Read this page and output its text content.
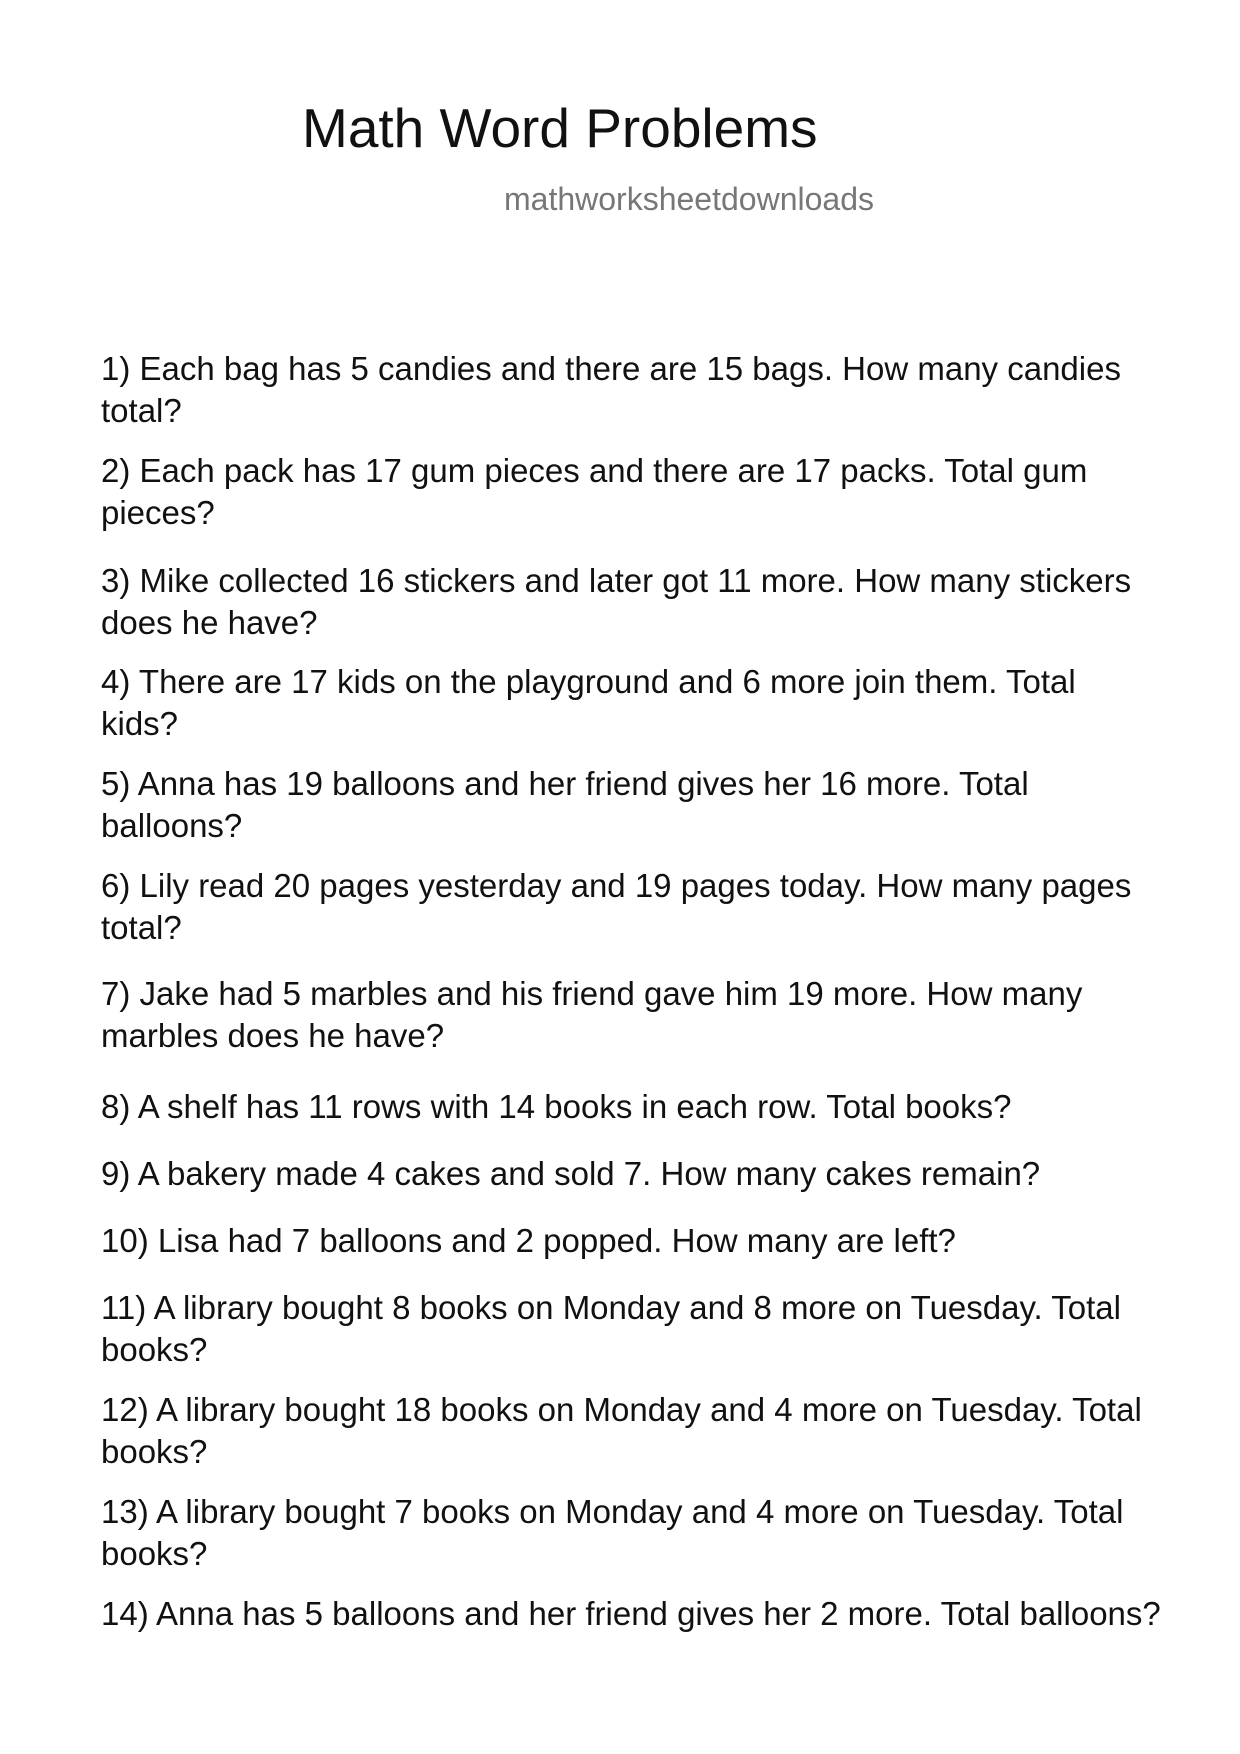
Math Word Problems
mathworksheetdownloads
1) Each bag has 5 candies and there are 15 bags. How many candies total?
2) Each pack has 17 gum pieces and there are 17 packs. Total gum pieces?
3) Mike collected 16 stickers and later got 11 more. How many stickers does he have?
4) There are 17 kids on the playground and 6 more join them. Total kids?
5) Anna has 19 balloons and her friend gives her 16 more. Total balloons?
6) Lily read 20 pages yesterday and 19 pages today. How many pages total?
7) Jake had 5 marbles and his friend gave him 19 more. How many marbles does he have?
8) A shelf has 11 rows with 14 books in each row. Total books?
9) A bakery made 4 cakes and sold 7. How many cakes remain?
10) Lisa had 7 balloons and 2 popped. How many are left?
11) A library bought 8 books on Monday and 8 more on Tuesday. Total books?
12) A library bought 18 books on Monday and 4 more on Tuesday. Total books?
13) A library bought 7 books on Monday and 4 more on Tuesday. Total books?
14) Anna has 5 balloons and her friend gives her 2 more. Total balloons?
